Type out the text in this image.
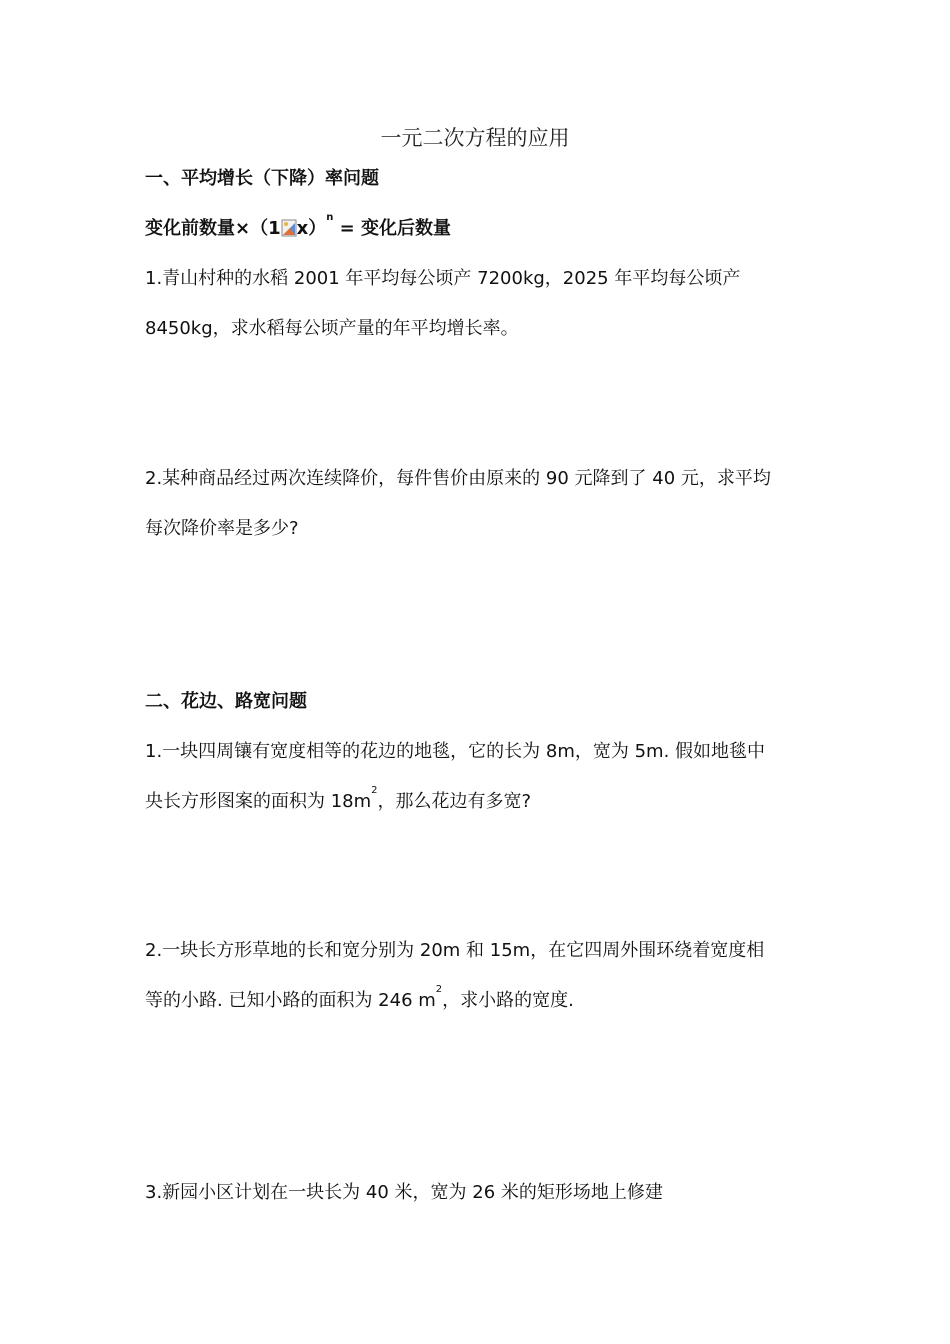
一元二次方程的应用
一、平均增长（下降）率问题
变化前数量×（1 x）$^n$ = 变化后数量
1.青山村种的水稻 2001 年平均每公顷产 7200kg，2025 年平均每公顷产
8450kg，求水稻每公顷产量的年平均增长率。
2.某种商品经过两次连续降价，每件售价由原来的 90 元降到了 40 元，求平均
每次降价率是多少?
二、花边、路宽问题
1.一块四周镶有宽度相等的花边的地毯，它的长为 8m，宽为 5m. 假如地毯中
央长方形图案的面积为 $18m^2$，那么花边有多宽?
2.一块长方形草地的长和宽分别为 20m 和 15m，在它四周外围环绕着宽度相
等的小路. 已知小路的面积为 246 $m^2$，求小路的宽度.
3.新园小区计划在一块长为 40 米，宽为 26 米的矩形场地上修建
